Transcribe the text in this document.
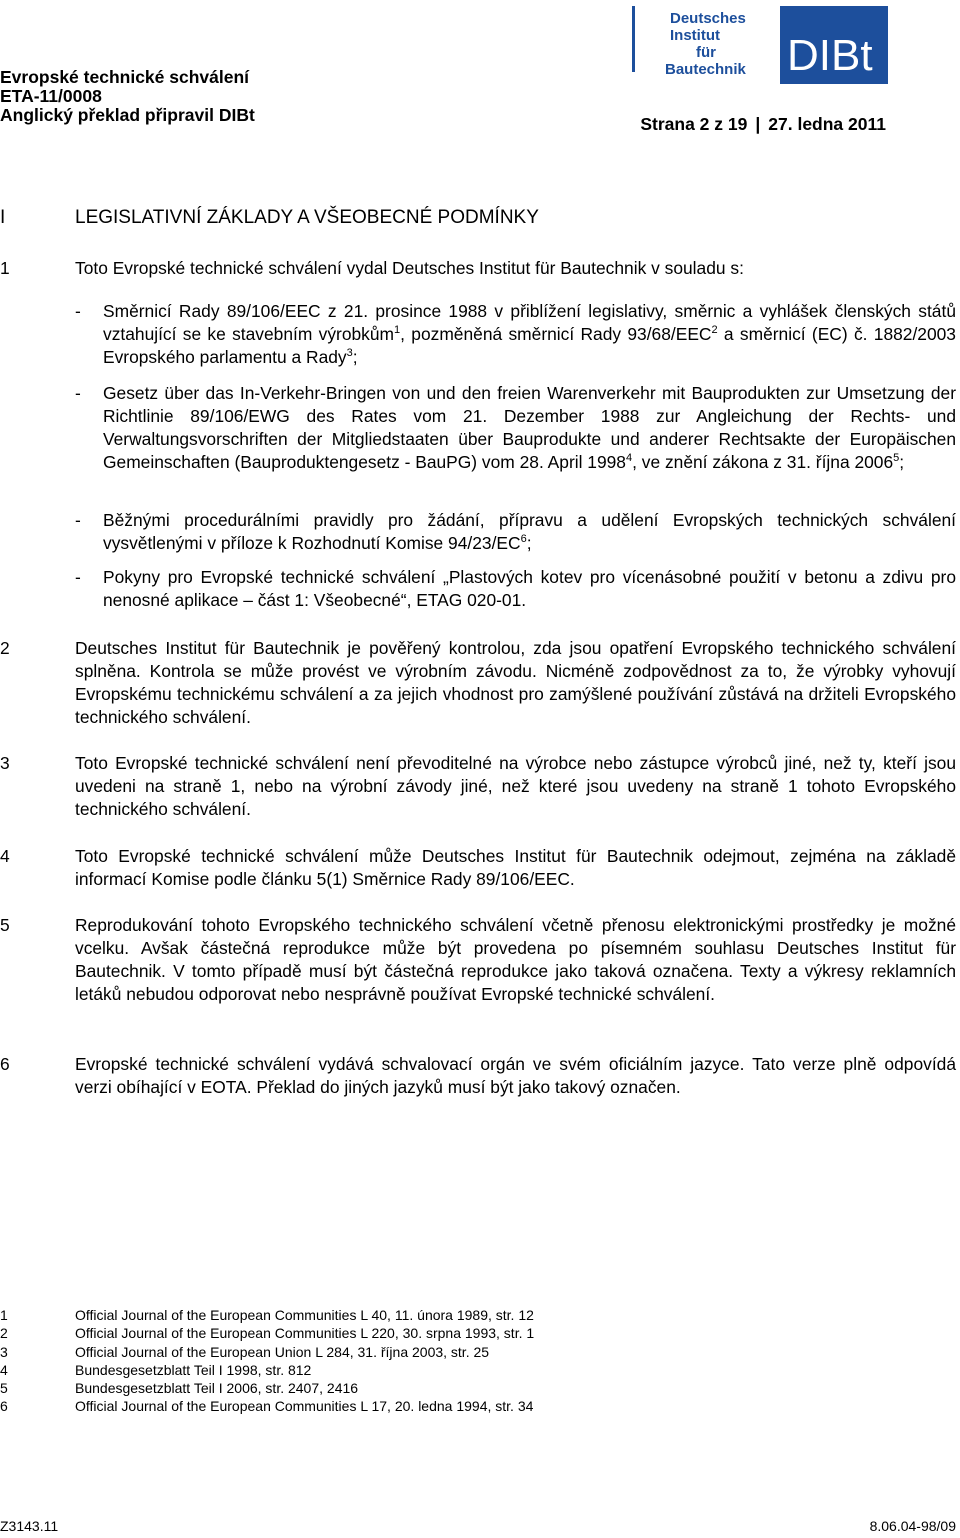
Evropské technické schválení
ETA-11/0008
Anglický překlad připravil DIBt	Strana 2 z 19 | 27. ledna 2011
Deutsches
Institut
für
Bautechnik DIBt
I	LEGISLATIVNÍ ZÁKLADY A VŠEOBECNÉ PODMÍNKY
1	Toto Evropské technické schválení vydal Deutsches Institut für Bautechnik v souladu s:
- Směrnicí Rady 89/106/EEC z 21. prosince 1988 v přiblížení legislativy, směrnic a vyhlášek členských států vztahující se ke stavebním výrobkům$^1$, pozměněná směrnicí Rady 93/68/EEC$^2$ a směrnicí (EC) č. 1882/2003 Evropského parlamentu a Rady$^3$;
- Gesetz über das In-Verkehr-Bringen von und den freien Warenverkehr mit Bauprodukten zur Umsetzung der Richtlinie 89/106/EWG des Rates vom 21. Dezember 1988 zur Angleichung der Rechts- und Verwaltungsvorschriften der Mitgliedstaaten über Bauprodukte und anderer Rechtsakte der Europäischen Gemeinschaften (Bauproduktengesetz - BauPG) vom 28. April 1998$^4$, ve znění zákona z 31. října 2006$^5$;
- Běžnými procedurálními pravidly pro žádání, přípravu a udělení Evropských technických schválení vysvětlenými v příloze k Rozhodnutí Komise $94/23/EC^6$;
- Pokyny pro Evropské technické schválení „Plastových kotev pro vícenásobné použití v betonu a zdivu pro nenosné aplikace – část 1: Všeobecné“, ETAG 020-01.
2	Deutsches Institut für Bautechnik je pověřený kontrolou, zda jsou opatření Evropského technického schválení splněna. Kontrola se může provést ve výrobním závodu. Nicméně zodpovědnost za to, že výrobky vyhovují Evropskému technickému schválení a za jejich vhodnost pro zamýšlené používání zůstává na držiteli Evropského technického schválení.
3	Toto Evropské technické schválení není převoditelné na výrobce nebo zástupce výrobců jiné, než ty, kteří jsou uvedeni na straně 1, nebo na výrobní závody jiné, než které jsou uvedeny na straně 1 tohoto Evropského technického schválení.
4	Toto Evropské technické schválení může Deutsches Institut für Bautechnik odejmout, zejména na základě informací Komise podle článku 5(1) Směrnice Rady 89/106/EEC.
5	Reprodukování tohoto Evropského technického schválení včetně přenosu elektronickými prostředky je možné vcelku. Avšak částečná reprodukce může být provedena po písemném souhlasu Deutsches Institut für Bautechnik. V tomto případě musí být částečná reprodukce jako taková označena. Texty a výkresy reklamních letáků nebudou odporovat nebo nesprávně používat Evropské technické schválení.
6	Evropské technické schválení vydává schvalovací orgán ve svém oficiálním jazyce. Tato verze plně odpovídá verzi obíhající v EOTA. Překlad do jiných jazyků musí být jako takový označen.
1	Official Journal of the European Communities L 40, 11. února 1989, str. 12
2	Official Journal of the European Communities L 220, 30. srpna 1993, str. 1
3	Official Journal of the European Union L 284, 31. října 2003, str. 25
4	Bundesgesetzblatt Teil I 1998, str. 812
5	Bundesgesetzblatt Teil I 2006, str. 2407, 2416
6	Official Journal of the European Communities L 17, 20. ledna 1994, str. 34
Z3143.11	8.06.04-98/09
